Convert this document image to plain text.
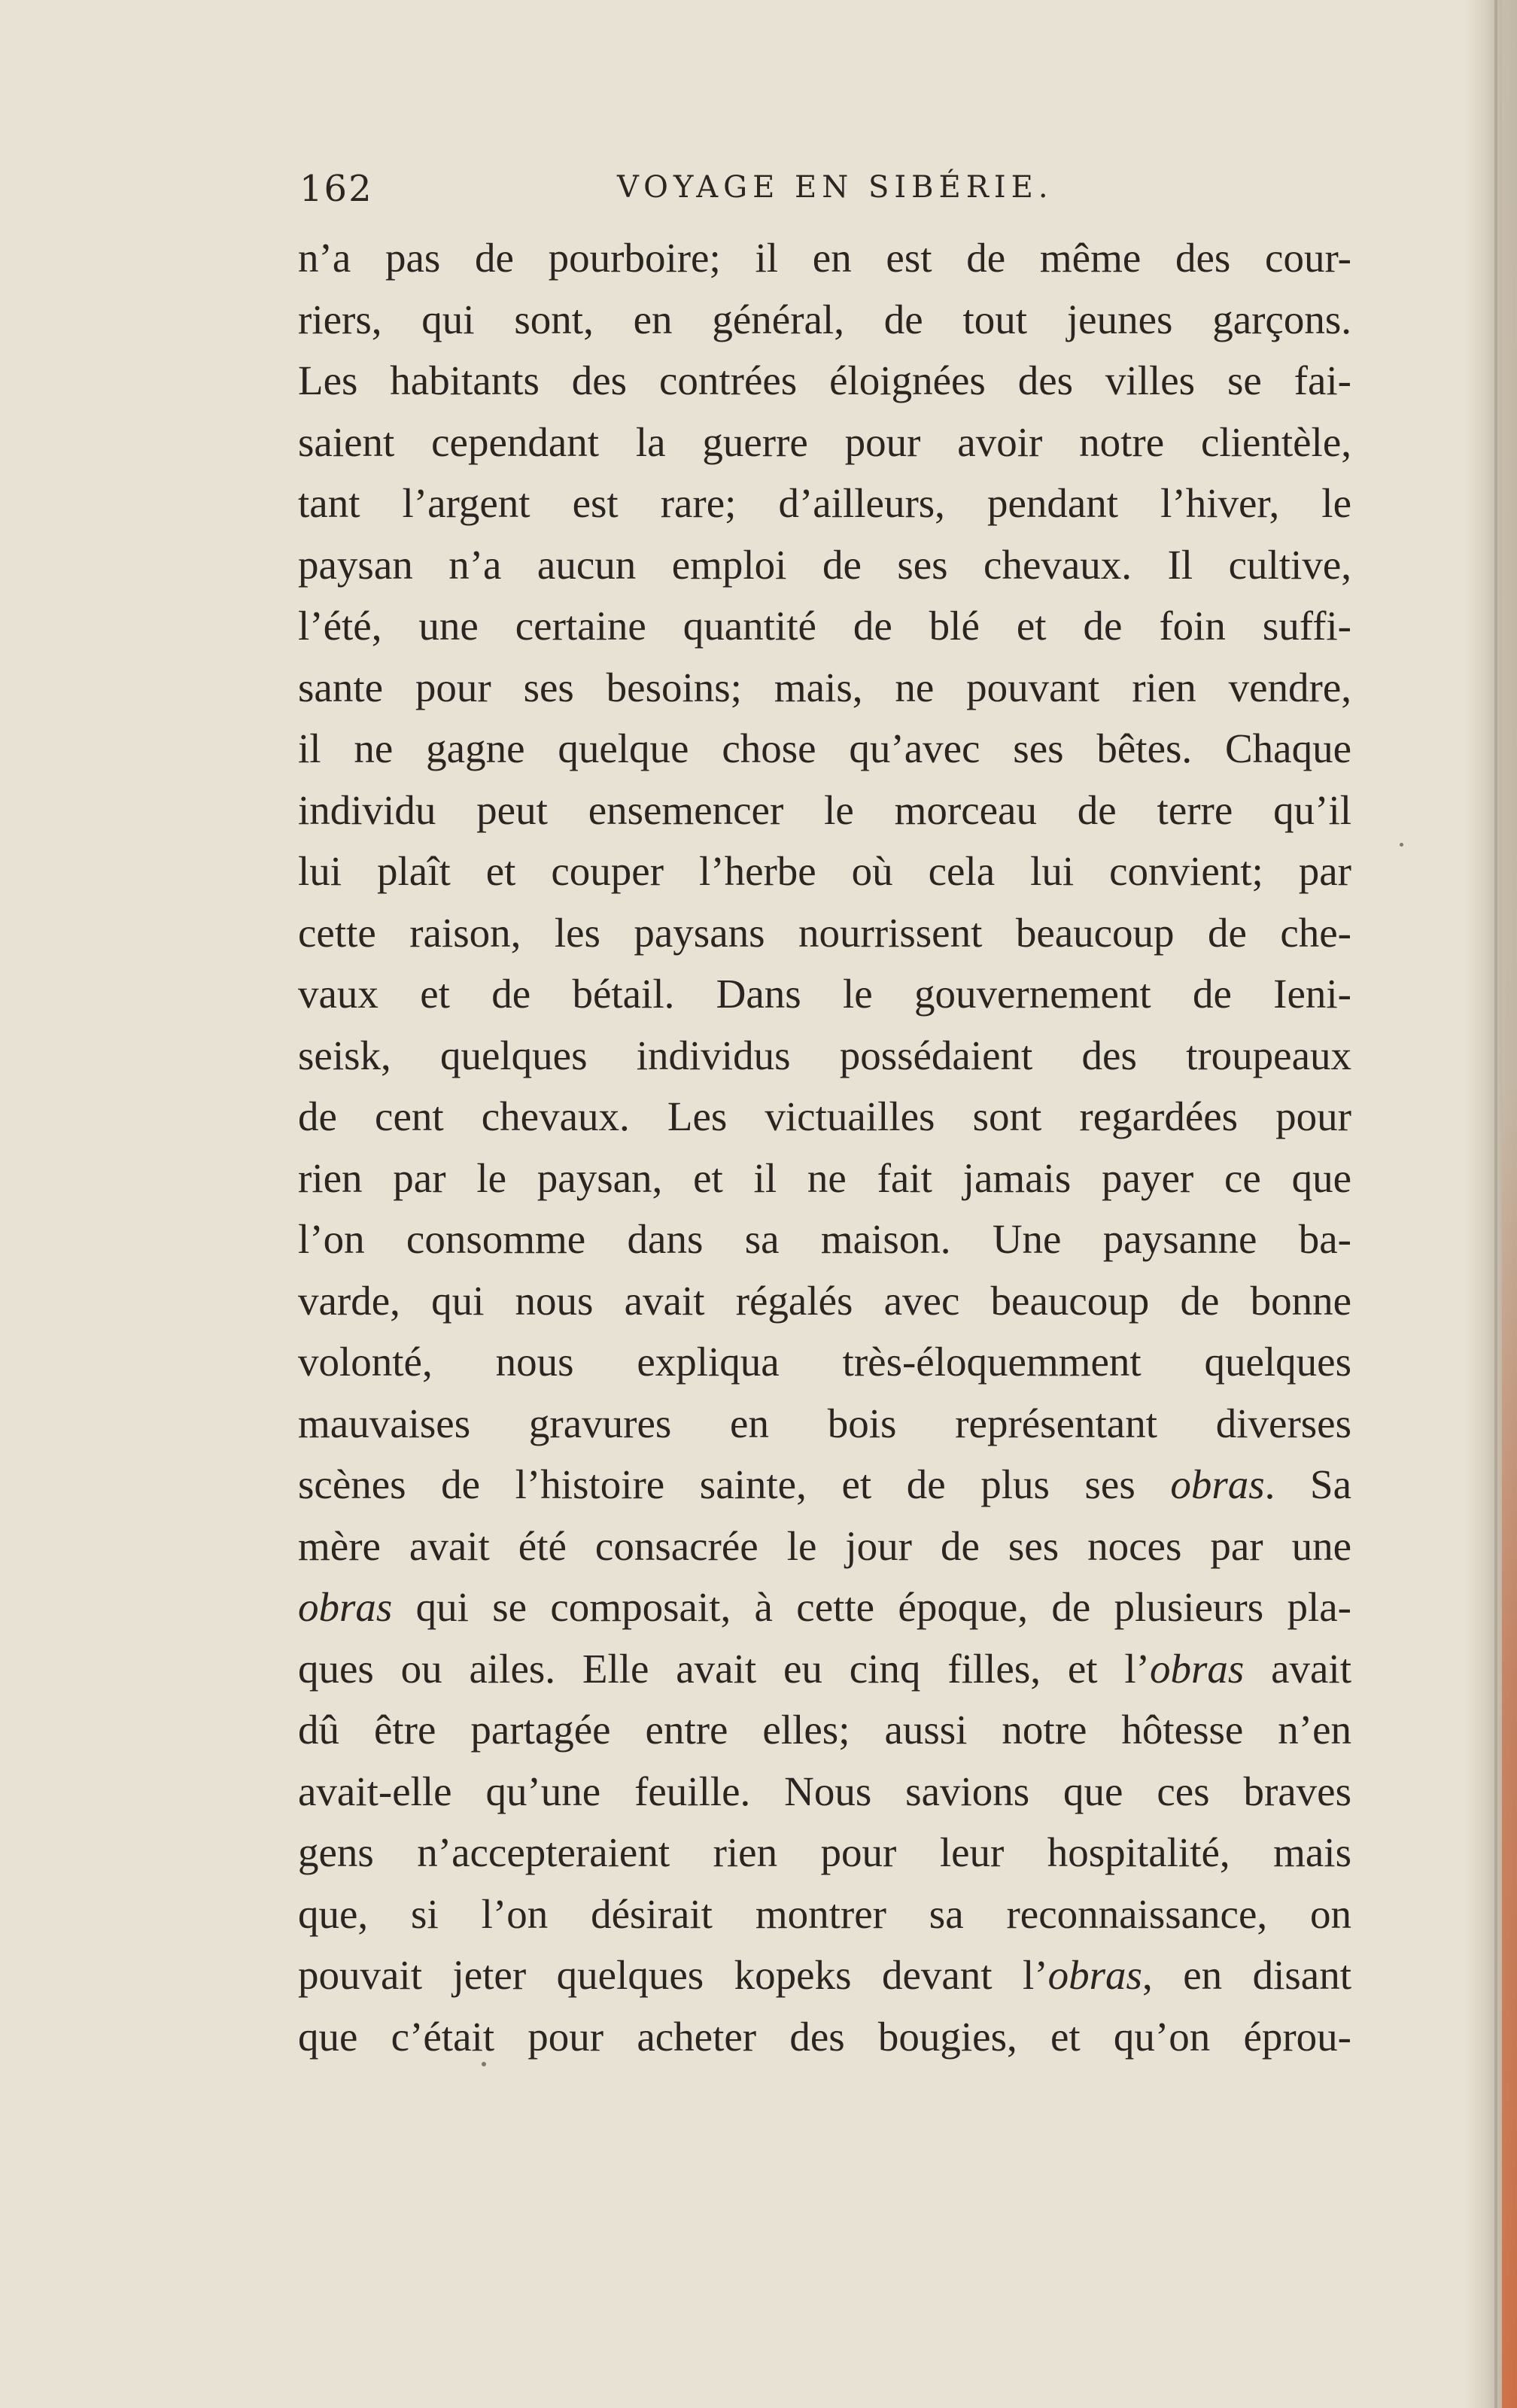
162	VOYAGE EN SIBÉRIE.
n’a pas de pourboire; il en est de même des cour-
riers, qui sont, en général, de tout jeunes garçons.
Les habitants des contrées éloignées des villes se fai-
saient cependant la guerre pour avoir notre clientèle,
tant l’argent est rare; d’ailleurs, pendant l’hiver, le
paysan n’a aucun emploi de ses chevaux. Il cultive,
l’été, une certaine quantité de blé et de foin suffi-
sante pour ses besoins; mais, ne pouvant rien vendre,
il ne gagne quelque chose qu’avec ses bêtes. Chaque
individu peut ensemencer le morceau de terre qu’il
lui plaît et couper l’herbe où cela lui convient; par
cette raison, les paysans nourrissent beaucoup de che-
vaux et de bétail. Dans le gouvernement de Ieni-
seisk, quelques individus possédaient des troupeaux
de cent chevaux. Les victuailles sont regardées pour
rien par le paysan, et il ne fait jamais payer ce que
l’on consomme dans sa maison. Une paysanne ba-
varde, qui nous avait régalés avec beaucoup de bonne
volonté, nous expliqua très-éloquemment quelques
mauvaises gravures en bois représentant diverses
scènes de l’histoire sainte, et de plus ses obras. Sa
mère avait été consacrée le jour de ses noces par une
obras qui se composait, à cette époque, de plusieurs pla-
ques ou ailes. Elle avait eu cinq filles, et l’obras avait
dû être partagée entre elles; aussi notre hôtesse n’en
avait-elle qu’une feuille. Nous savions que ces braves
gens n’accepteraient rien pour leur hospitalité, mais
que, si l’on désirait montrer sa reconnaissance, on
pouvait jeter quelques kopeks devant l’obras, en disant
que c’était pour acheter des bougies, et qu’on éprou-
